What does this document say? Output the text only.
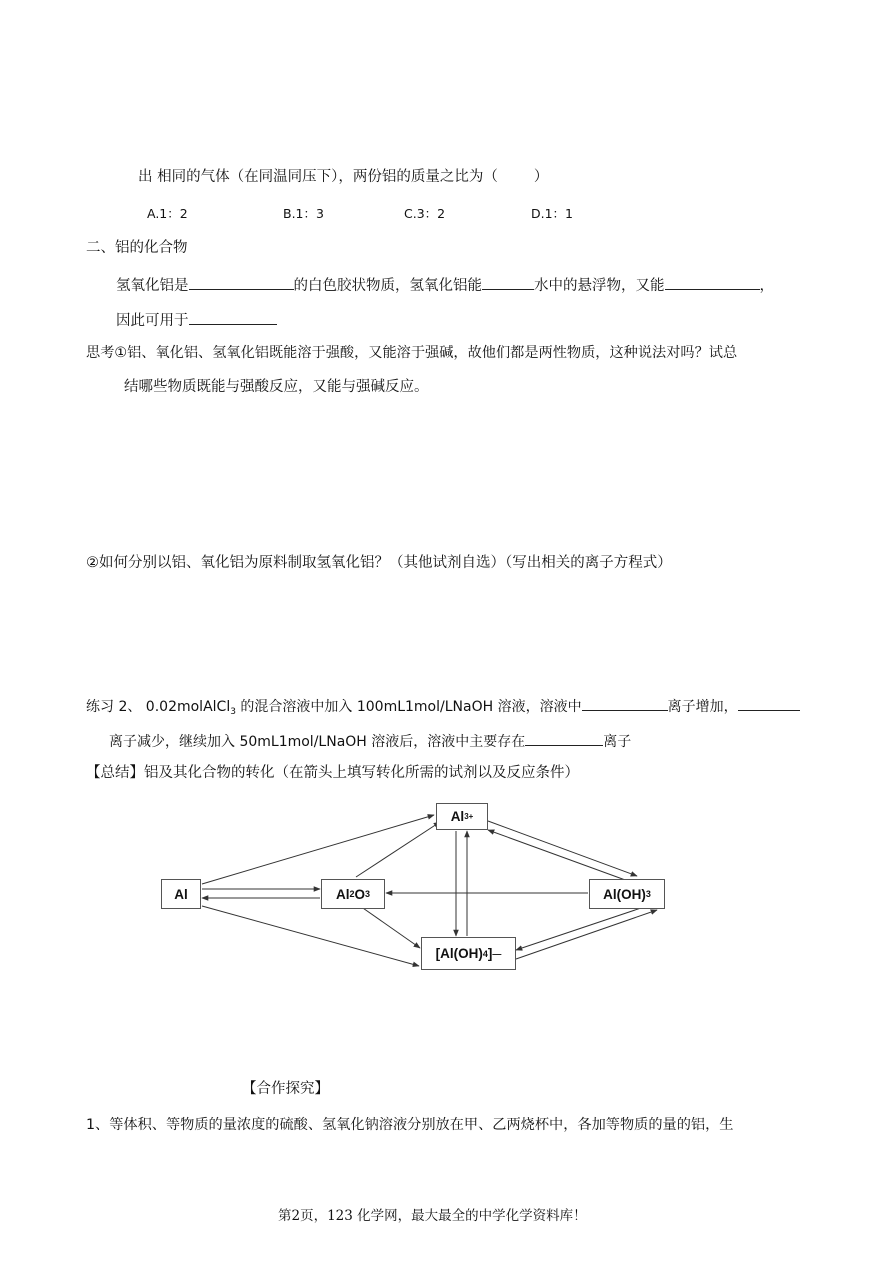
出 相同的气体（在同温同压下），两份铝的质量之比为（ ）
A.1：2	B.1：3	C.3：2	D.1：1
二、铝的化合物
氢氧化铝是	的白色胶状物质，氢氧化铝能	水中的悬浮物，又能	，
因此可用于
思考①铝、氧化铝、氢氧化铝既能溶于强酸，又能溶于强碱，故他们都是两性物质，这种说法对吗？试总
结哪些物质既能与强酸反应，又能与强碱反应。
②如何分别以铝、氧化铝为原料制取氢氧化铝？（其他试剂自选）（写出相关的离子方程式）
练习 2、 0.02molAlCl$_3$ 的混合溶液中加入 100mL1mol/LNaOH 溶液，溶液中	离子增加，
离子减少，继续加入 50mL1mol/LNaOH 溶液后，溶液中主要存在	离子
【总结】铝及其化合物的转化（在箭头上填写转化所需的试剂以及反应条件）
Al
Al 3+
Al 2 O 3	Al(OH) 3
[Al(OH) 4 ] —
【合作探究】
1、等体积、等物质的量浓度的硫酸、氢氧化钠溶液分别放在甲、乙两烧杯中，各加等物质的量的铝，生
第2页，123 化学网，最大最全的中学化学资料库！
